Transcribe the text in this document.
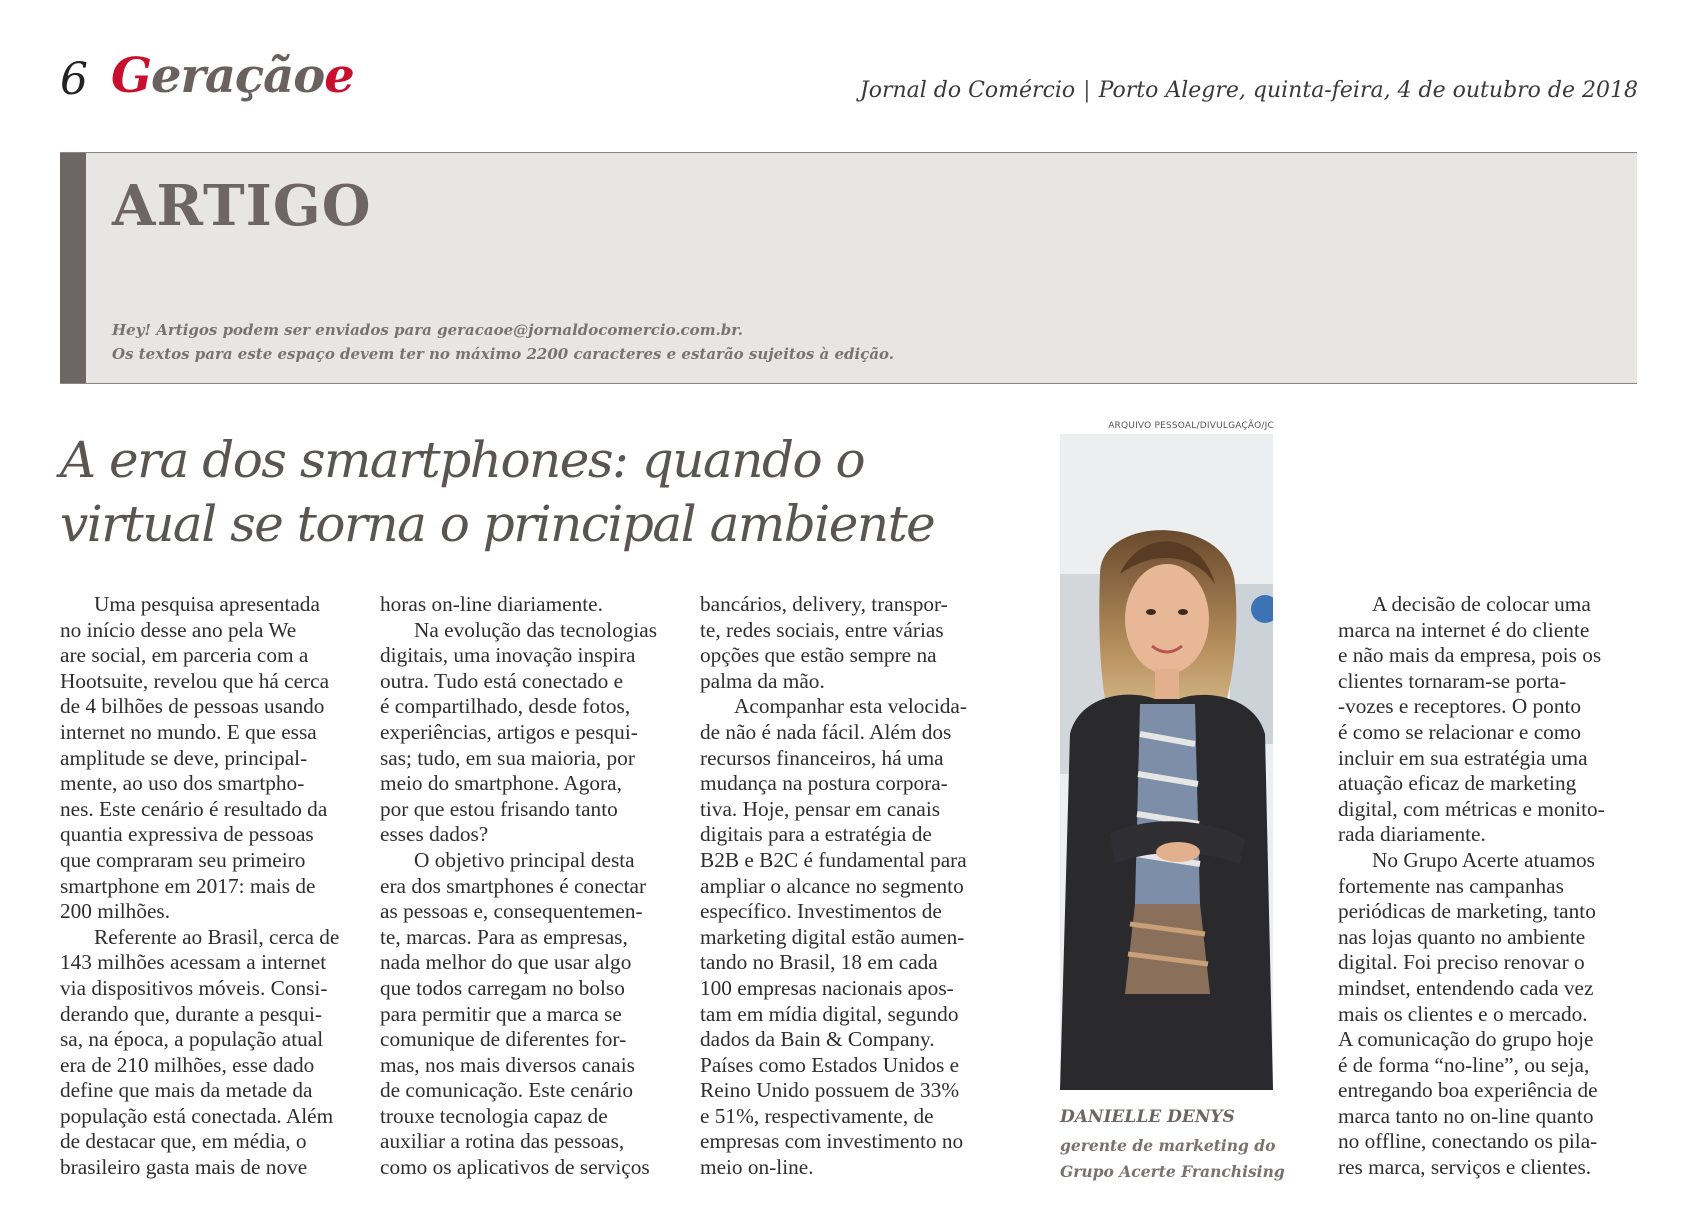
6 Geraçãoe	Jornal do Comércio | Porto Alegre, quinta-feira, 4 de outubro de 2018
ARTIGO
Hey! Artigos podem ser enviados para geracaoe@jornaldocomercio.com.br.
Os textos para este espaço devem ter no máximo 2200 caracteres e estarão sujeitos à edição.
A era dos smartphones: quando o
virtual se torna o principal ambiente

Uma pesquisa apresentada
no início desse ano pela We
are social, em parceria com a
Hootsuite, revelou que há cerca
de 4 bilhões de pessoas usando
internet no mundo. E que essa
amplitude se deve, principal-
mente, ao uso dos smartpho-
nes. Este cenário é resultado da
quantia expressiva de pessoas
que compraram seu primeiro
smartphone em 2017: mais de
200 milhões.

Referente ao Brasil, cerca de
143 milhões acessam a internet
via dispositivos móveis. Consi-
derando que, durante a pesqui-
sa, na época, a população atual
era de 210 milhões, esse dado
define que mais da metade da
população está conectada. Além
de destacar que, em média, o
brasileiro gasta mais de nove

horas on-line diariamente.

Na evolução das tecnologias
digitais, uma inovação inspira
outra. Tudo está conectado e
é compartilhado, desde fotos,
experiências, artigos e pesqui-
sas; tudo, em sua maioria, por
meio do smartphone. Agora,
por que estou frisando tanto
esses dados?

O objetivo principal desta
era dos smartphones é conectar
as pessoas e, consequentemen-
te, marcas. Para as empresas,
nada melhor do que usar algo
que todos carregam no bolso
para permitir que a marca se
comunique de diferentes for-
mas, nos mais diversos canais
de comunicação. Este cenário
trouxe tecnologia capaz de
auxiliar a rotina das pessoas,
como os aplicativos de serviços

bancários, delivery, transpor-
te, redes sociais, entre várias
opções que estão sempre na
palma da mão.

Acompanhar esta velocida-
de não é nada fácil. Além dos
recursos financeiros, há uma
mudança na postura corpora-
tiva. Hoje, pensar em canais
digitais para a estratégia de
B2B e B2C é fundamental para
ampliar o alcance no segmento
específico. Investimentos de
marketing digital estão aumen-
tando no Brasil, 18 em cada
100 empresas nacionais apos-
tam em mídia digital, segundo
dados da Bain & Company.
Países como Estados Unidos e
Reino Unido possuem de 33%
e 51%, respectivamente, de
empresas com investimento no
meio on-line.

A decisão de colocar uma
marca na internet é do cliente
e não mais da empresa, pois os
clientes tornaram-se porta-
-vozes e receptores. O ponto
é como se relacionar e como
incluir em sua estratégia uma
atuação eficaz de marketing
digital, com métricas e monito-
rada diariamente.

No Grupo Acerte atuamos
fortemente nas campanhas
periódicas de marketing, tanto
nas lojas quanto no ambiente
digital. Foi preciso renovar o
mindset, entendendo cada vez
mais os clientes e o mercado.
A comunicação do grupo hoje
é de forma “no-line”, ou seja,
entregando boa experiência de
marca tanto no on-line quanto
no offline, conectando os pila-
res marca, serviços e clientes.

ARQUIVO PESSOAL/DIVULGAÇÃO/JC
DANIELLE DENYS
gerente de marketing do
Grupo Acerte Franchising
